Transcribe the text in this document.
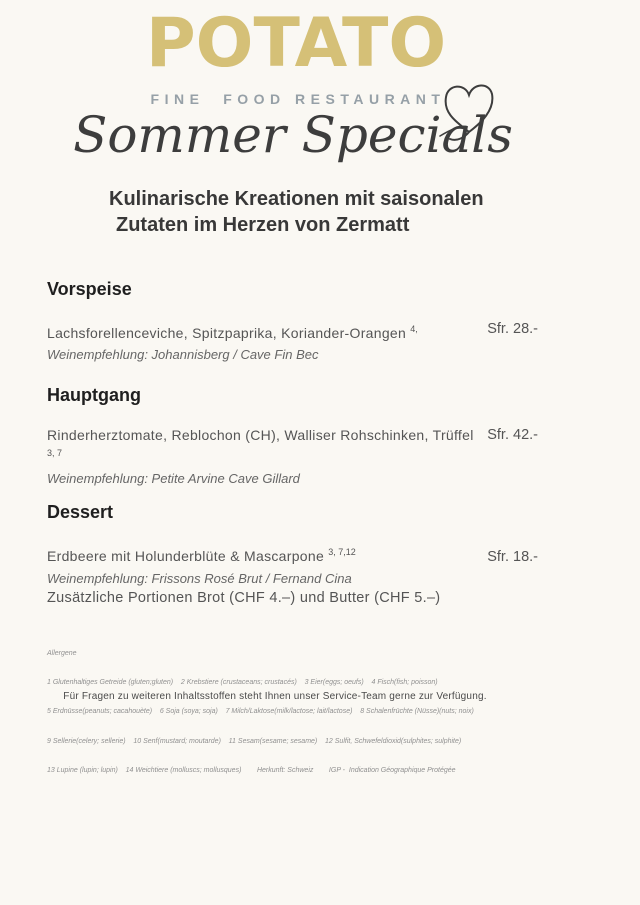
POTATO
FINE  FOOD RESTAURANT
Sommer Specials
Kulinarische Kreationen mit saisonalen
Zutaten im Herzen von Zermatt
Vorspeise
Lachsforellenceviche, Spitzpaprika, Koriander-Orangen $^{4,}$	Sfr. 28.-
Weinempfehlung: Johannisberg / Cave Fin Bec
Hauptgang
Rinderherztomate, Reblochon (CH), Walliser Rohschinken, Trüffel $^{3, 7}$
Sfr. 42.-
Weinempfehlung: Petite Arvine Cave Gillard
Dessert
Erdbeere mit Holunderblüte & Mascarpone $^{3, 7,12}$	Sfr. 18.-
Weinempfehlung: Frissons Rosé Brut / Fernand Cina
Zusätzliche Portionen Brot (CHF 4.–) und Butter (CHF 5.–)

Allergene

1 Glutenhaltiges Getreide (gluten;gluten)    2 Krebstiere (crustaceans; crustacés)    3 Eier(eggs; oeufs)    4 Fisch(fish; poisson)

5 Erdnüsse(peanuts; cacahouète)    6 Soja (soya; soja)    7 Milch/Laktose(milk/lactose; lait/lactose)    8 Schalenfrüchte (Nüsse)(nuts; noix)

9 Sellerie(celery; sellerie)    10 Senf(mustard; moutarde)    11 Sesam(sesame; sesame)    12 Sulfit, Schwefeldioxid(sulphites; sulphite)

13 Lupine (lupin; lupin)    14 Weichtiere (molluscs; mollusques)        Herkunft: Schweiz        IGP -  Indication Géographique Protégée

Für Fragen zu weiteren Inhaltsstoffen steht Ihnen unser Service-Team gerne zur Verfügung.
